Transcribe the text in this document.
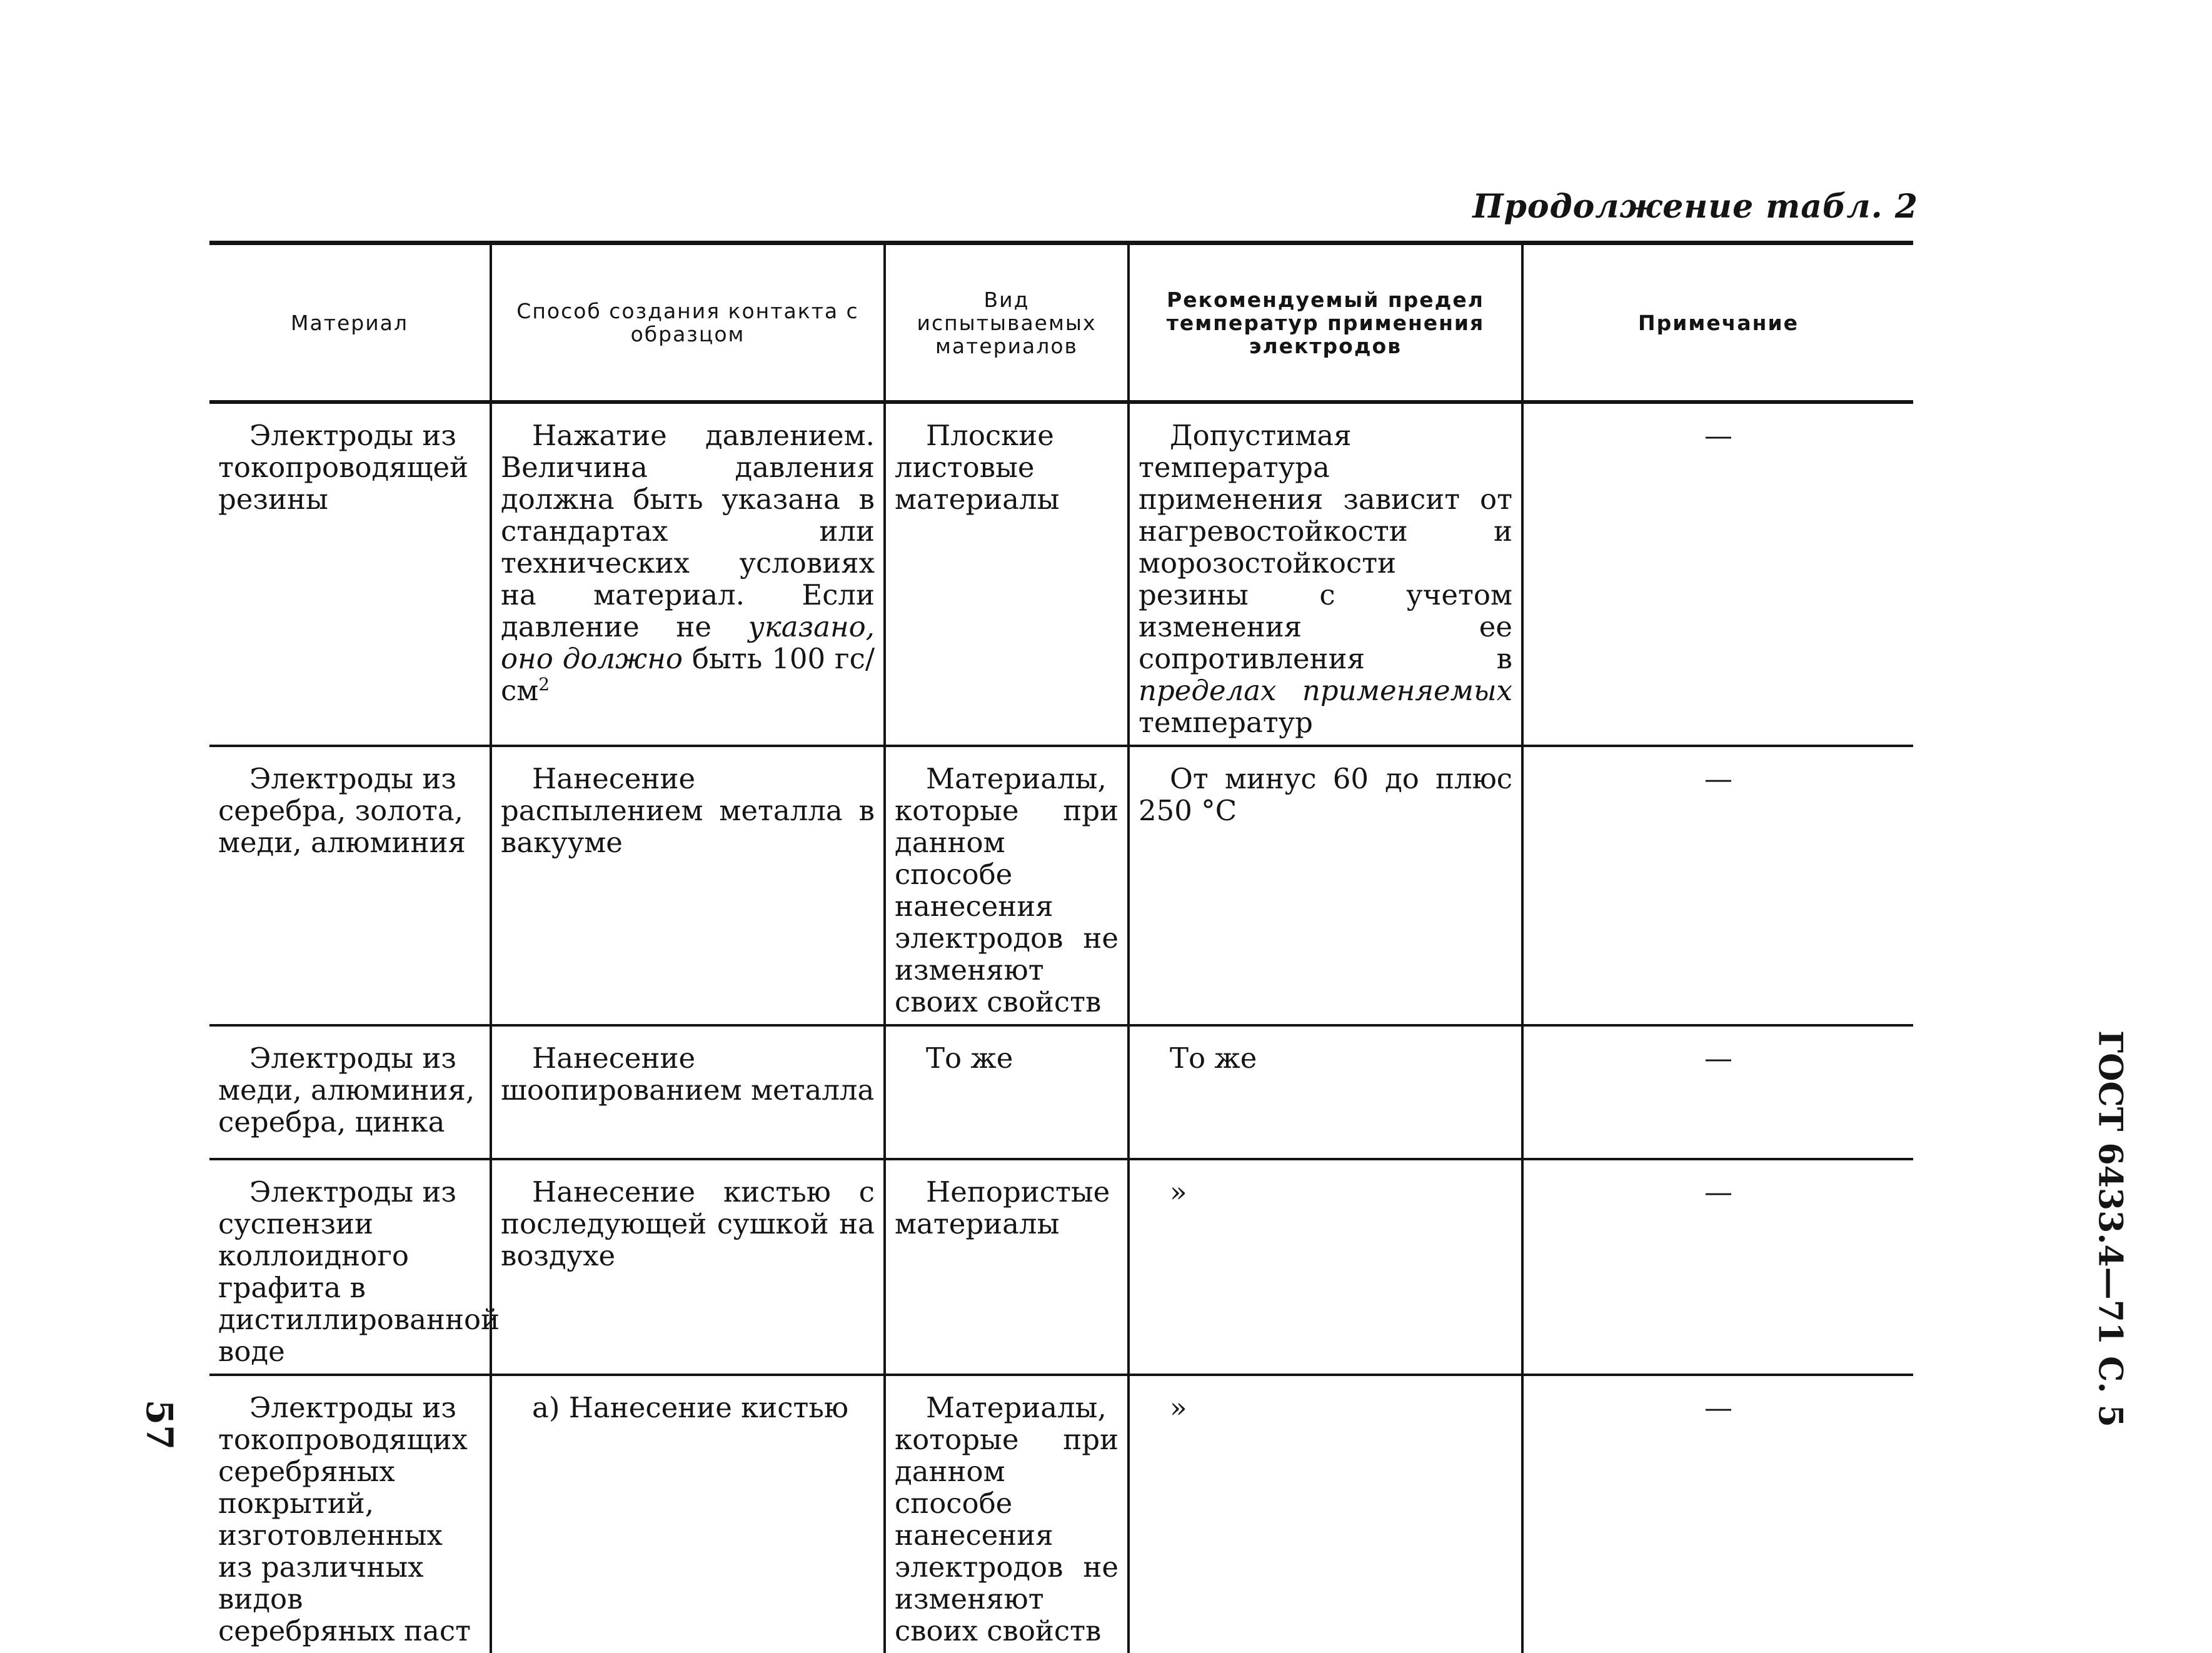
Продолжение табл. 2
Материал	Способ создания контакта с образцом	Вид испытываемых материалов	Рекомендуемый предел температур применения электродов	Примечание

Электроды из токопроводящей резины	Нажатие давлением. Величина давления должна быть указана в стандартах или технических условиях на материал. Если давление не указано, оно должно быть 100 $гс/см^2$	Плоские листовые материалы	Допустимая температура применения зависит от нагревостойкости и морозостойкости резины с учетом изменения ее сопротивления в пределах применяемых температур	—

Электроды из серебра, золота, меди, алюминия	Нанесение распылением металла в вакууме	Материалы, которые при данном способе нанесения электродов не изменяют своих свойств	От минус 60 до плюс 250 °С	—

Электроды из меди, алюминия, серебра, цинка	Нанесение шоопированием металла	То же	То же	—

Электроды из суспензии коллоидного графита в дистиллированной воде	Нанесение кистью с последующей сушкой на воздухе	Непористые материалы	»	—

Электроды из токопроводящих серебряных покрытий, изготовленных из различных видов серебряных паст	а) Нанесение кистью	Материалы, которые при данном способе нанесения электродов не изменяют своих свойств	»	—	ГОСТ 6433.4—71 С. 5
57
